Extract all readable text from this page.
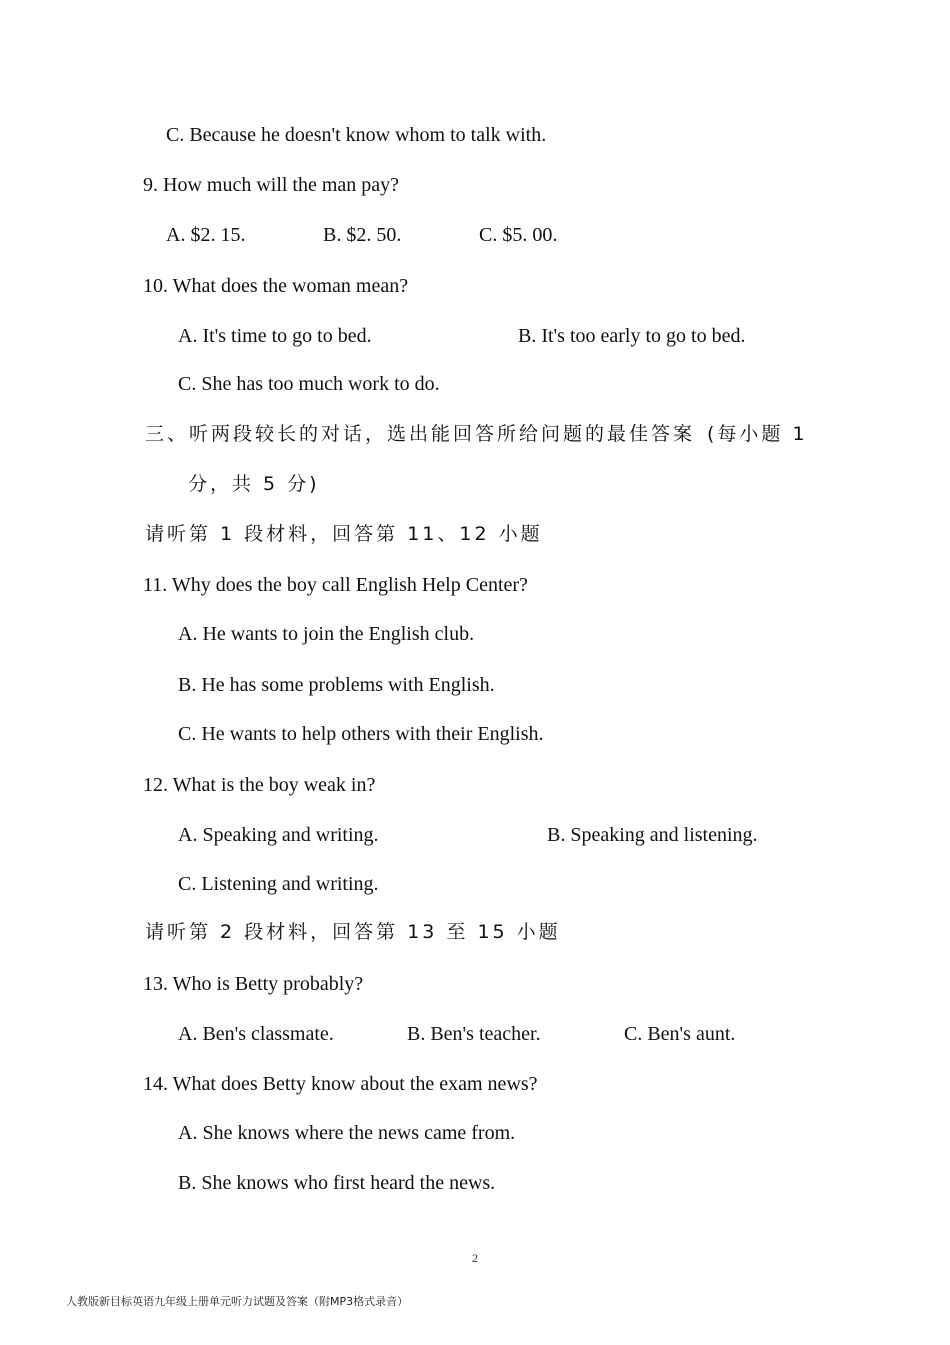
C. Because he doesn't know whom to talk with.
9. How much will the man pay?
A. $2. 15.	B. $2. 50.	C. $5. 00.
10. What does the woman mean?
A. It's time to go to bed.	B. It's too early to go to bed.
C. She has too much work to do.
三、听两段较长的对话，选出能回答所给问题的最佳答案 (每小题 1
分，共 5 分)
请听第 1 段材料，回答第 11、12 小题
11. Why does the boy call English Help Center?
A. He wants to join the English club.
B. He has some problems with English.
C. He wants to help others with their English.
12. What is the boy weak in?
A. Speaking and writing.	B. Speaking and listening.
C. Listening and writing.
请听第 2 段材料，回答第 13 至 15 小题
13. Who is Betty probably?
A. Ben's classmate.	B. Ben's teacher.	C. Ben's aunt.
14. What does Betty know about the exam news?
A. She knows where the news came from.
B. She knows who first heard the news.
2
人教版新目标英语九年级上册单元听力试题及答案（附MP3格式录音）
